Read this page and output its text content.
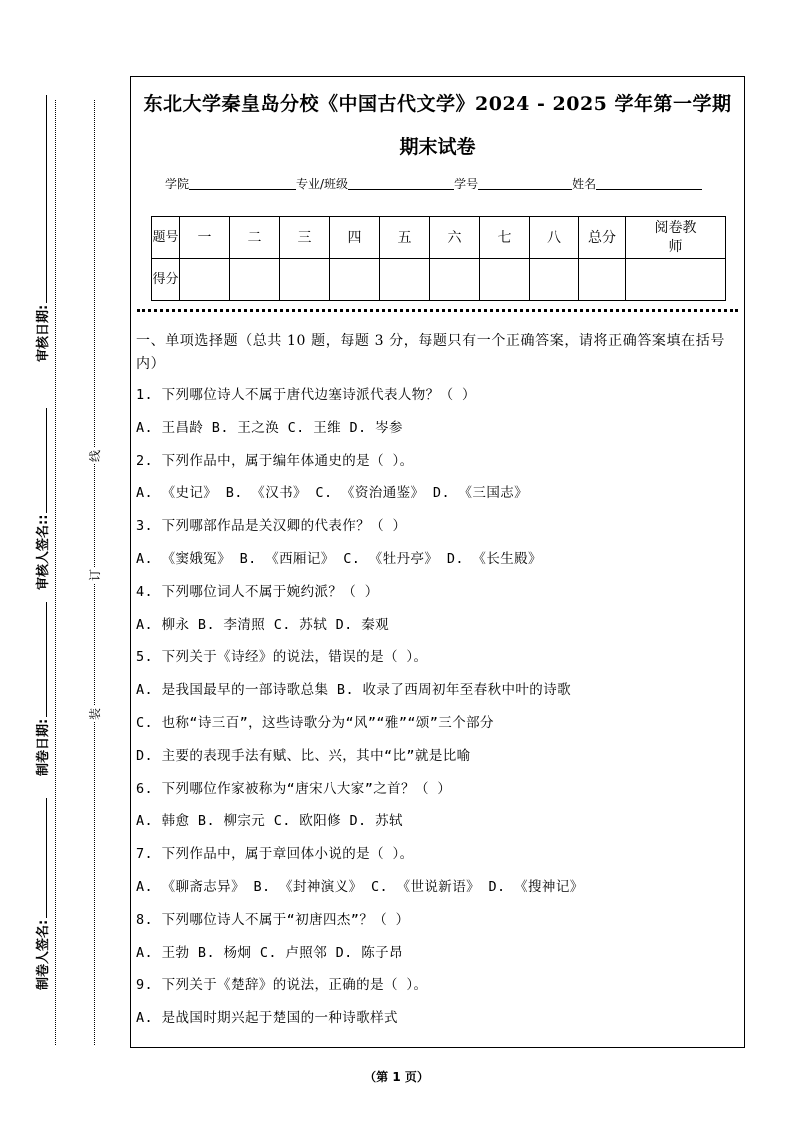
审核日期:
审核人签名::
制卷日期:
制卷人签名:
线
订
装
东北大学秦皇岛分校《中国古代文学》2024 - 2025 学年第一学期
期末试卷
学院	专业/班级	学号	姓名
题号	一	二	三	四	五	六	七	八	总分	阅卷教师
得分										
一、单项选择题（总共 10 题，每题 3 分，每题只有一个正确答案，请将正确答案填在括号内）
1. 下列哪位诗人不属于唐代边塞诗派代表人物？（ ）
A. 王昌龄 B. 王之涣 C. 王维 D. 岑参
2. 下列作品中，属于编年体通史的是（ ）。
A. 《史记》 B. 《汉书》 C. 《资治通鉴》 D. 《三国志》
3. 下列哪部作品是关汉卿的代表作？（ ）
A. 《窦娥冤》 B. 《西厢记》 C. 《牡丹亭》 D. 《长生殿》
4. 下列哪位词人不属于婉约派？（ ）
A. 柳永 B. 李清照 C. 苏轼 D. 秦观
5. 下列关于《诗经》的说法，错误的是（ ）。
A. 是我国最早的一部诗歌总集 B. 收录了西周初年至春秋中叶的诗歌
C. 也称“诗三百”，这些诗歌分为“风”“雅”“颂”三个部分
D. 主要的表现手法有赋、比、兴，其中“比”就是比喻
6. 下列哪位作家被称为“唐宋八大家”之首？（ ）
A. 韩愈 B. 柳宗元 C. 欧阳修 D. 苏轼
7. 下列作品中，属于章回体小说的是（ ）。
A. 《聊斋志异》 B. 《封神演义》 C. 《世说新语》 D. 《搜神记》
8. 下列哪位诗人不属于“初唐四杰”？（ ）
A. 王勃 B. 杨炯 C. 卢照邻 D. 陈子昂
9. 下列关于《楚辞》的说法，正确的是（ ）。
A. 是战国时期兴起于楚国的一种诗歌样式
（第 1 页）
